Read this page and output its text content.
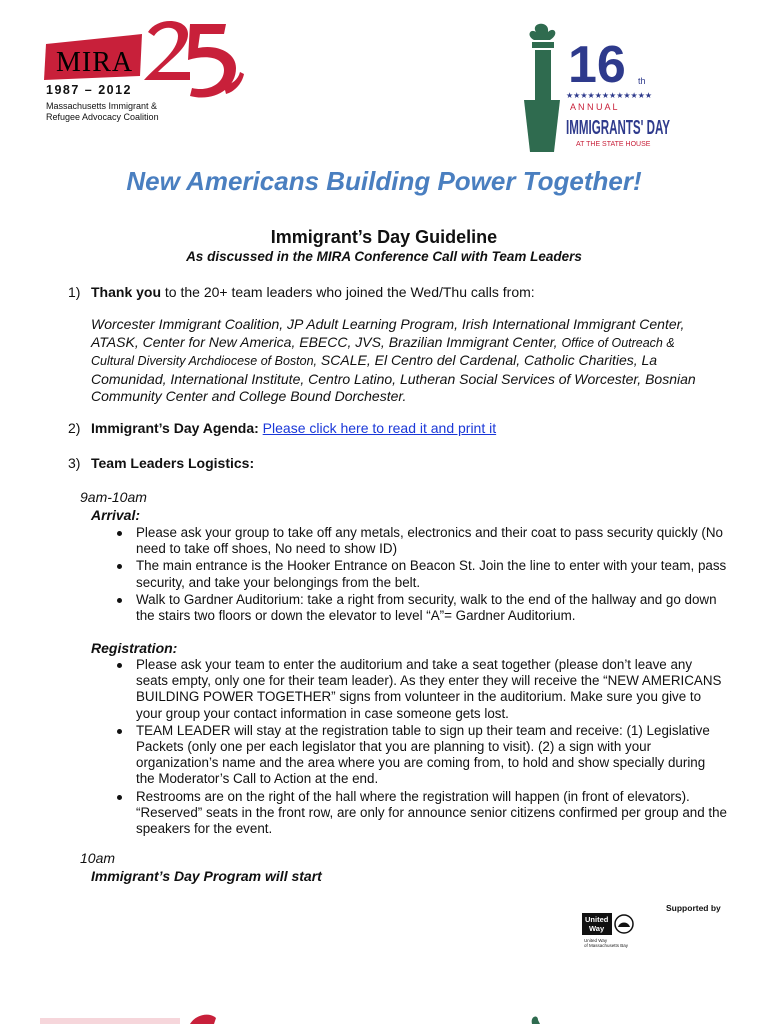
MIRA
1987 – 2012
Massachusetts Immigrant &
Refugee Advocacy Coalition
16 th
★★★★★★★★★★★★
A N N U A L
IMMIGRANTS' DAY
AT THE STATE HOUSE
New Americans Building Power Together!
Immigrant’s Day Guideline
As discussed in the MIRA Conference Call with Team Leaders
1) Thank you to the 20+ team leaders who joined the Wed/Thu calls from:
Worcester Immigrant Coalition, JP Adult Learning Program, Irish International Immigrant Center, ATASK, Center for New America, EBECC, JVS, Brazilian Immigrant Center, Office of Outreach & Cultural Diversity Archdiocese of Boston, SCALE, El Centro del Cardenal, Catholic Charities, La Comunidad, International Institute, Centro Latino, Lutheran Social Services of Worcester, Bosnian Community Center and College Bound Dorchester.
2) Immigrant’s Day Agenda: Please click here to read it and print it
3) Team Leaders Logistics:
9am-10am
Arrival:
Please ask your group to take off any metals, electronics and their coat to pass security quickly (No need to take off shoes, No need to show ID)
The main entrance is the Hooker Entrance on Beacon St. Join the line to enter with your team, pass security, and take your belongings from the belt.
Walk to Gardner Auditorium: take a right from security, walk to the end of the hallway and go down the stairs two floors or down the elevator to level “A”= Gardner Auditorium.
Registration:
Please ask your team to enter the auditorium and take a seat together (please don’t leave any seats empty, only one for their team leader). As they enter they will receive the “NEW AMERICANS BUILDING POWER TOGETHER” signs from volunteer in the auditorium. Make sure you give to your group your contact information in case someone gets lost.
TEAM LEADER will stay at the registration table to sign up their team and receive: (1) Legislative Packets (only one per each legislator that you are planning to visit). (2) a sign with your organization’s name and the area where you are coming from, to hold and show specially during the Moderator’s Call to Action at the end.
Restrooms are on the right of the hall where the registration will happen (in front of elevators). “Reserved” seats in the front row, are only for announce senior citizens confirmed per group and the speakers for the event.
10am
Immigrant’s Day Program will start
Supported by
United
Way
United Way
of Massachusetts Bay
